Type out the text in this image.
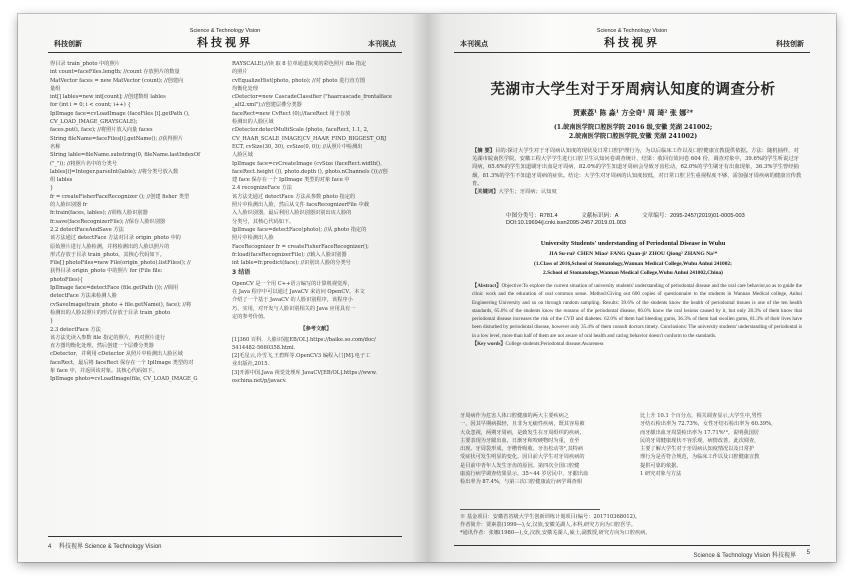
科技创新
Science & Technology Vision
科技视界	本刊视点
得目录 train_photo 中的照片
int count=faceFiles.length; //count 存放照片的数量
MatVector faces = new MatVector (count); //创建向
量组
int[] lables=new int[count]; //创建数组 lables
for (int i = 0; i < count; i++) {
IplImage face=cvLoadImage (faceFiles [i].getPath (),
CV_LOAD_IMAGE_GRAYSCALE);
faces.put(i, face); //将照片放入向量 faces
String fileName=faceFiles[i].getName(); //获得照片
名称
String lable=fileName.substring(0, fileName.lastIndexOf
("_")); //将照片名中的分类号
lables[i]=Integer.parseInt(lable); //将分类号放入数
组 lables
}
fr = createFisherFaceRecognizer (); //创建 fisher 类型
的人脸识别器 fr
fr.train(faces, lables); //训练人脸识别器
fr.save(faceRecognizerFile); //保存人脸识别器
2.2 detectFaceAndSave 方法
该方法通过 detectFace 方法对目录 origin_photo 中的
原始照片进行人脸检测，并将检测出的人脸以照片的
形式存放于目录 train_photo。其核心代码如下。
File[] photoFiles=new File(origin_photo).listFiles(); //
获得目录 origin_photo 中的照片 for (File file:
photoFiles){
IplImage face=detectFace (file.getPath ()); //调用
detectFace 方法来检测人脸
cvSaveImage(train_photo + file.getName(), face); //将
检测出的人脸以照片的形式存放于目录 train_photo
}
2.3 detectFace 方法
该方法先读入参数 file 指定的照片，再对照片进行
直方图均衡化处理，然后创建一个层叠分类器
cDetector，并利用 cDetector 从照片中检测出人脸区域
faceRect，最后将 faceRect 保存在一个 IplImage 类型的对
象 face 中，并返回该对象。其核心代码如下。
IplImage photo=cvLoadImage(file, CV_LOAD_IMAGE_G
RAYSCALE);//读 取 8 位单通道灰度的彩色照片 file 指定
的照片
cvEqualizeHist(photo, photo); //对 photo 进行直方图
均衡化处理
cDetector=new CascadeClassifier ("haarcascade_frontalface
_alt2.xml");//创建层叠分类器
faceRect=new CvRect (0);//faceRect 用于存放
检测出的人脸区域
cDetector.detectMultiScale (photo, faceRect, 1.1, 2,
CV_HAAR_SCALE_IMAGE|CV_HAAR_FIND_BIGGEST_OBJ
ECT, cvSize(30, 30), cvSize(0, 0)); //从照片中检测出
人脸区域
IplImage face=cvCreateImage (cvSize (faceRect.width(),
faceRect.height ()), photo.depth (), photo.nChannels ());//创
建 face 保存在一个 IplImage 类型的对象 face 中
2.4 recognizeFace 方法
该方法先通过 detectFace 方法从参数 photo 指定的
照片中检测出人脸，然后从文件 faceRecognizerFile 中载
入人脸识别器，最后利用人脸识别器识别出该人脸的
分类号，其核心代码如下。
IplImage face=detectFace(photo); //从 photo 指定的
照片中检测出人脸
FaceRecognizer fr = createFisherFaceRecognizer();
fr.load(faceRecognizerFile); //载入人脸识别器
int lable=fr.predict(face); //识别出人脸的分类号
3 结语
OpenCV 是一个用 C++语言编写的计算机视觉库，
在 Java 程序中可以通过 JavaCV 来访问 OpenCV。本文
介绍了一个基于 JavaCV 的人脸识别程序，该程序小
巧、实用，对开发与人脸识别相关的 Java 应用具有一
定的参考价值。
【参考文献】
[1]360 百科．人脸识别[EB/OL].https://baike.so.com/doc/
5414482-5660358.html.
[2]毛星云,冷雪飞,王碧辉等.OpenCV3 编程入门[M].电子工
业出版社,2015.
[3]开源中国.Java 视觉处理库 JavaCV[EB/OL].https://www.
oschina.net/p/javacv.
4 科技视界 Science & Technology Vision
本刊视点
Science & Technology Vision
科技视界	科技创新
芜湖市大学生对于牙周病认知度的调查分析
贾素荔¹ 陈 淼¹ 方全奇¹ 周 琦² 张 娜²*
(1.皖南医学院口腔医学院 2016 级,安徽 芜湖 241002;
2.皖南医学院口腔医学院,安徽 芜湖 241002)
【摘 要】目的:探讨大学生对于牙周病认知度的现状及日常口腔护理行为，为以后临床工作以及口腔健康宣教提供依据。方法：随机抽样，对芜湖市皖南医学院、安徽工程大学学生进行口腔卫生认知问卷调查统计，结果：收回有效问卷 604 份，调查对象中，39.6%的学生听说过牙周病，65.6%的学生知道刷牙出血是牙周病，82.0%的学生知道牙周病会导致牙齿松动，62.0%的学生刷牙有出血现象，36.3%学生曾经抽烟，81.3%的学生不知道牙周病的症状。结论：大学生对牙周病的认知度较低，对日常口腔卫生重视程度不够，需加强牙周疾病的健康宣传教育。
【关键词】大学生；牙周病；认知度
中图分类号：R781.4	文献标识码：A	文章编号：2095-2457(2019)01-0005-003
DOI:10.19694/j.cnki.issn2095-2457.2019.01.003
University Students' understanding of Periodontal Disease in Wuhu
JIA Su-rui¹ CHEN Miao¹ FANG Quan-ji¹ ZHOU Qiong² ZHANG Na²*
(1.Class of 2016,School of Stomatology,Wannan Medical College,Wuhu Anhui 241002;
2.School of Stomatology,Wannan Medical College,Wuhu Anhui 241002,China)
【Abstract】Objective:To explore the current situation of university students' understanding of periodontal disease and the oral care behavior,so as to guide the clinic work and the education of oral common sense. Method:Giving out 600 copies of questionnaire to the students in Wannan Medical college, Anhui Engineering University and so on through random sampling. Results: 39.6% of the students know the health of periodontal tissues is one of the ten health standards, 65.6% of the students know the reasons of the periodontal disease, 86.0% know the oral lesions caused by it, but only 28.3% of them know that periodontal disease increases the risk of the CVD and diabetes. 62.0% of them had bleeding gums, 36.3% of them had swollen gums, 81.3% of their lives have been disturbed by periodontal disease, however only 35.4% of them consult doctors timely. Conclusions: The university students' understanding of periodontal is in a low level, more than half of them are not aware of oral health and caring behavior doesn't conform to the standards.
【Key words】College students;Periodontal disease;Awareness
牙周病作为危害人体口腔健康的两大主要疾病之
一，因其早期病损轻，且非为无痛性疾病，既其容易被
大众忽视，两期牙周病，是致发生在牙周组织的疾病，
主要表现为牙龈出血，日渐牙和咬硬物时为重，直至
出现、牙周袋形成，牙槽骨吸收、牙齿松动等²,其特病
受症状可发生明显的变化。因目前大学生对牙周疾病的
是目前中青年人发生牙齿的原因。第四次全国口腔健
康流行病学调查结果显示，35~44 岁居民中，牙龈出血
检出率为 87.4%，与第三次口腔健康流行病学调查相
比上升 10.1 个百分点，相关调查显示,大学生中,男性
牙结石检出率为 72.73%，女性牙结石检出率为 60.39%，
而牙龈出血牙周袋检出率为 17.71%¹³。说明我国居
民的牙周健康现状不容乐观，病情改善，此次调查，
主要了解大学生对于牙周病认知度情况以及日常护
理行为是否符合规范，为临床工作以及口腔健康宣教
提供可靠的依据。
1 研究对象与方法
※ 基金项目：安徽省省级大学生创新训练计划项目(编号：201710368012)。
作者简介：贾素荔(1999—),女,汉族,安徽芜湖人,本科,研究方向为口腔医学。
*通讯作者：张娜(1980—),女,汉族,安徽芜湖人,硕士,副教授,研究方向为口腔疾病。
Science & Technology Vision 科技视界 5
